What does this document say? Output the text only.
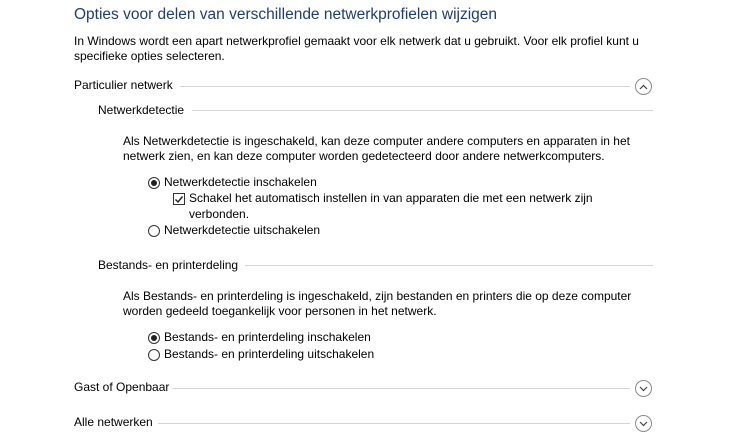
Opties voor delen van verschillende netwerkprofielen wijzigen
In Windows wordt een apart netwerkprofiel gemaakt voor elk netwerk dat u gebruikt. Voor elk profiel kunt u specifieke opties selecteren.
Particulier netwerk
Netwerkdetectie
Als Netwerkdetectie is ingeschakeld, kan deze computer andere computers en apparaten in het netwerk zien, en kan deze computer worden gedetecteerd door andere netwerkcomputers.
Netwerkdetectie inschakelen
Schakel het automatisch instellen in van apparaten die met een netwerk zijn
verbonden.
Netwerkdetectie uitschakelen
Bestands- en printerdeling
Als Bestands- en printerdeling is ingeschakeld, zijn bestanden en printers die op deze computer worden gedeeld toegankelijk voor personen in het netwerk.
Bestands- en printerdeling inschakelen
Bestands- en printerdeling uitschakelen
Gast of Openbaar
Alle netwerken
